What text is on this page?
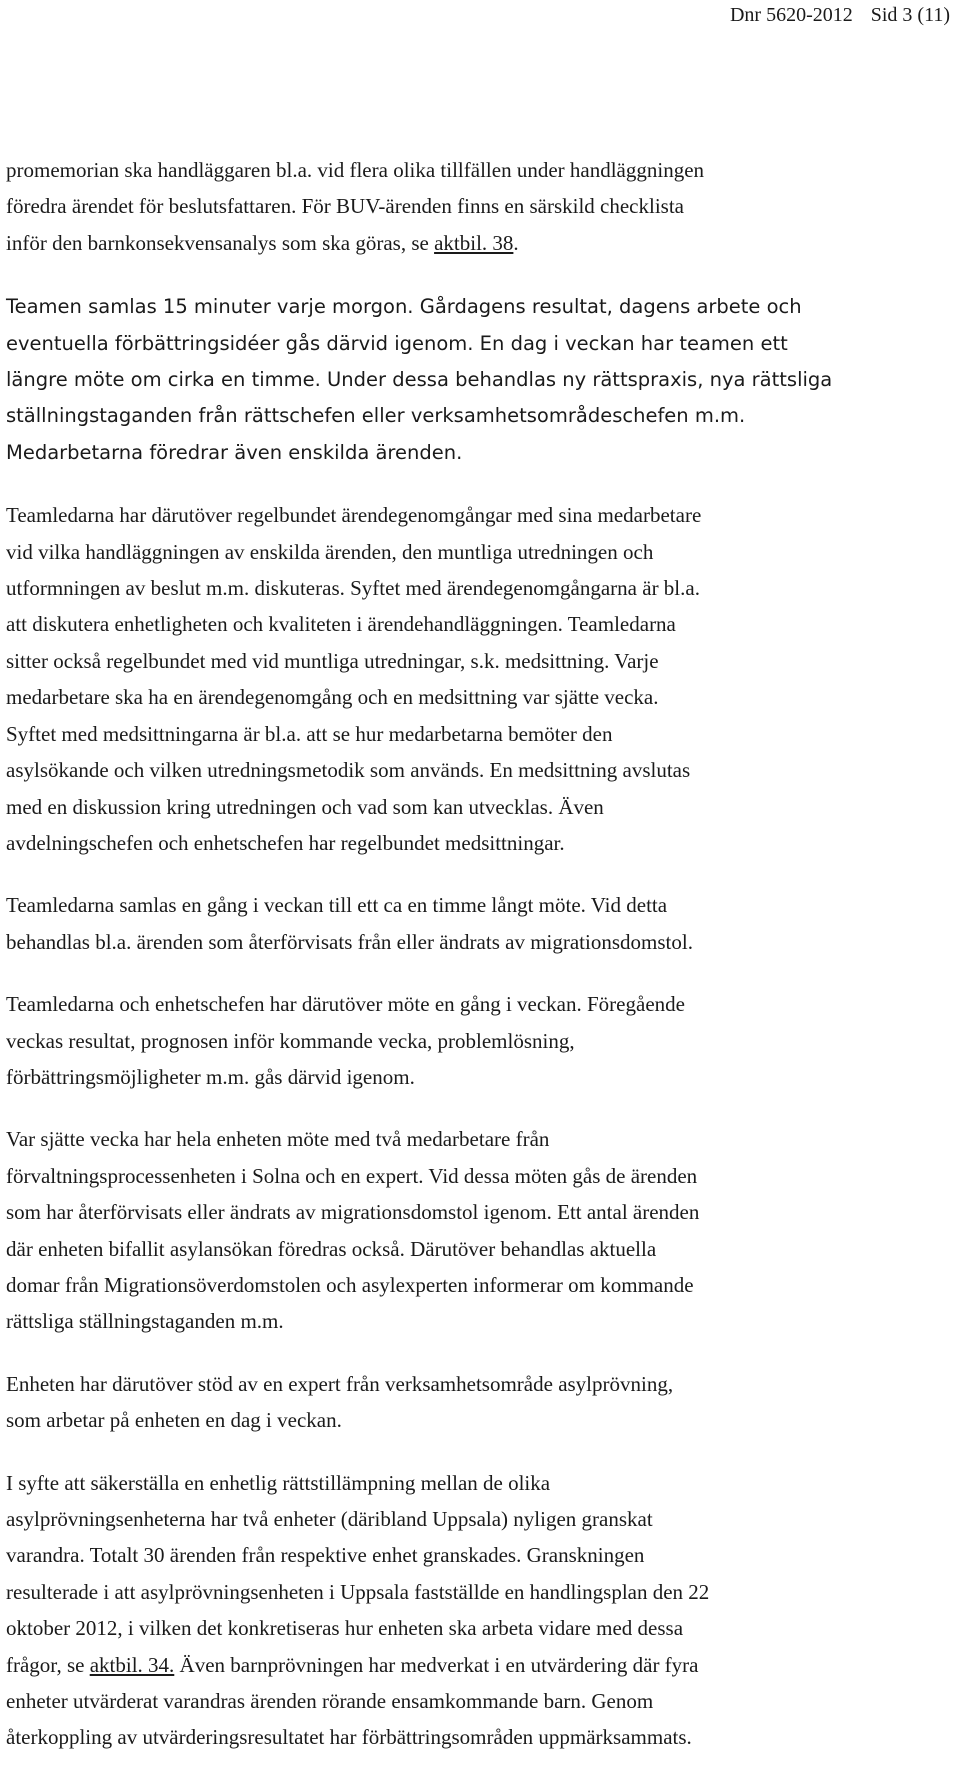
Dnr 5620-2012 Sid 3 (11)

promemorian ska handläggaren bl.a. vid flera olika tillfällen under handläggningen
föredra ärendet för beslutsfattaren. För BUV-ärenden finns en särskild checklista
inför den barnkonsekvensanalys som ska göras, se aktbil. 38.

Teamen samlas 15 minuter varje morgon. Gårdagens resultat, dagens arbete och
eventuella förbättringsidéer gås därvid igenom. En dag i veckan har teamen ett
längre möte om cirka en timme. Under dessa behandlas ny rättspraxis, nya rättsliga
ställningstaganden från rättschefen eller verksamhetsområdeschefen m.m.
Medarbetarna föredrar även enskilda ärenden.

Teamledarna har därutöver regelbundet ärendegenomgångar med sina medarbetare
vid vilka handläggningen av enskilda ärenden, den muntliga utredningen och
utformningen av beslut m.m. diskuteras. Syftet med ärendegenomgångarna är bl.a.
att diskutera enhetligheten och kvaliteten i ärendehandläggningen. Teamledarna
sitter också regelbundet med vid muntliga utredningar, s.k. medsittning. Varje
medarbetare ska ha en ärendegenomgång och en medsittning var sjätte vecka.
Syftet med medsittningarna är bl.a. att se hur medarbetarna bemöter den
asylsökande och vilken utredningsmetodik som används. En medsittning avslutas
med en diskussion kring utredningen och vad som kan utvecklas. Även
avdelningschefen och enhetschefen har regelbundet medsittningar.

Teamledarna samlas en gång i veckan till ett ca en timme långt möte. Vid detta
behandlas bl.a. ärenden som återförvisats från eller ändrats av migrationsdomstol.

Teamledarna och enhetschefen har därutöver möte en gång i veckan. Föregående
veckas resultat, prognosen inför kommande vecka, problemlösning,
förbättringsmöjligheter m.m. gås därvid igenom.

Var sjätte vecka har hela enheten möte med två medarbetare från
förvaltningsprocessenheten i Solna och en expert. Vid dessa möten gås de ärenden
som har återförvisats eller ändrats av migrationsdomstol igenom. Ett antal ärenden
där enheten bifallit asylansökan föredras också. Därutöver behandlas aktuella
domar från Migrationsöverdomstolen och asylexperten informerar om kommande
rättsliga ställningstaganden m.m.

Enheten har därutöver stöd av en expert från verksamhetsområde asylprövning,
som arbetar på enheten en dag i veckan.

I syfte att säkerställa en enhetlig rättstillämpning mellan de olika
asylprövningsenheterna har två enheter (däribland Uppsala) nyligen granskat
varandra. Totalt 30 ärenden från respektive enhet granskades. Granskningen
resulterade i att asylprövningsenheten i Uppsala fastställde en handlingsplan den 22
oktober 2012, i vilken det konkretiseras hur enheten ska arbeta vidare med dessa
frågor, se aktbil. 34. Även barnprövningen har medverkat i en utvärdering där fyra
enheter utvärderat varandras ärenden rörande ensamkommande barn. Genom
återkoppling av utvärderingsresultatet har förbättringsområden uppmärksammats.
